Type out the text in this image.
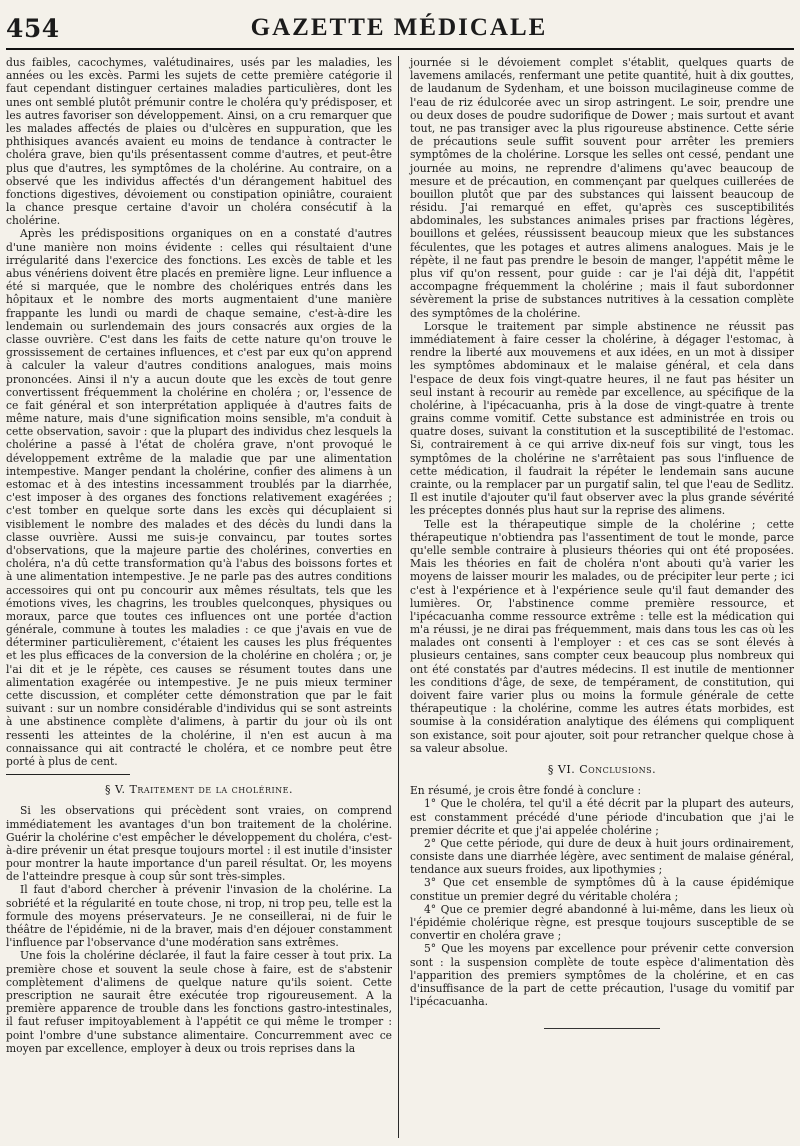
454	GAZETTE MÉDICALE

dus faibles, cacochymes, valétudinaires, usés par les maladies, les années ou les excès. Parmi les sujets de cette première catégorie il faut cependant distinguer certaines maladies particulières, dont les unes ont semblé plutôt prémunir contre le choléra qu'y prédisposer, et les autres favoriser son développement. Ainsi, on a cru remarquer que les malades affectés de plaies ou d'ulcères en suppuration, que les phthisiques avancés avaient eu moins de tendance à contracter le choléra grave, bien qu'ils présentassent comme d'autres, et peut-être plus que d'autres, les symptômes de la cholérine. Au contraire, on a observé que les individus affectés d'un dérangement habituel des fonctions digestives, dévoiement ou constipation opiniâtre, couraient la chance presque certaine d'avoir un choléra consécutif à la cholérine.

Après les prédispositions organiques on en a constaté d'autres d'une manière non moins évidente : celles qui résultaient d'une irrégularité dans l'exercice des fonctions. Les excès de table et les abus vénériens doivent être placés en première ligne. Leur influence a été si marquée, que le nombre des cholériques entrés dans les hôpitaux et le nombre des morts augmentaient d'une manière frappante les lundi ou mardi de chaque semaine, c'est-à-dire les lendemain ou surlendemain des jours consacrés aux orgies de la classe ouvrière. C'est dans les faits de cette nature qu'on trouve le grossissement de certaines influences, et c'est par eux qu'on apprend à calculer la valeur d'autres conditions analogues, mais moins prononcées. Ainsi il n'y a aucun doute que les excès de tout genre convertissent fréquemment la cholérine en choléra ; or, l'essence de ce fait général et son interprétation appliquée à d'autres faits de même nature, mais d'une signification moins sensible, m'a conduit à cette observation, savoir : que la plupart des individus chez lesquels la cholérine a passé à l'état de choléra grave, n'ont provoqué le développement extrême de la maladie que par une alimentation intempestive. Manger pendant la cholérine, confier des alimens à un estomac et à des intestins incessamment troublés par la diarrhée, c'est imposer à des organes des fonctions relativement exagérées ; c'est tomber en quelque sorte dans les excès qui décuplaient si visiblement le nombre des malades et des décès du lundi dans la classe ouvrière. Aussi me suis-je convaincu, par toutes sortes d'observations, que la majeure partie des cholérines, converties en choléra, n'a dû cette transformation qu'à l'abus des boissons fortes et à une alimentation intempestive. Je ne parle pas des autres conditions accessoires qui ont pu concourir aux mêmes résultats, tels que les émotions vives, les chagrins, les troubles quelconques, physiques ou moraux, parce que toutes ces influences ont une portée d'action générale, commune à toutes les maladies : ce que j'avais en vue de déterminer particulièrement, c'étaient les causes les plus fréquentes et les plus efficaces de la conversion de la cholérine en choléra ; or, je l'ai dit et je le répète, ces causes se résument toutes dans une alimentation exagérée ou intempestive. Je ne puis mieux terminer cette discussion, et compléter cette démonstration que par le fait suivant : sur un nombre considérable d'individus qui se sont astreints à une abstinence complète d'alimens, à partir du jour où ils ont ressenti les atteintes de la cholérine, il n'en est aucun à ma connaissance qui ait contracté le choléra, et ce nombre peut être porté à plus de cent.

§ V. Traitement de la cholérine.

Si les observations qui précèdent sont vraies, on comprend immédiatement les avantages d'un bon traitement de la cholérine. Guérir la cholérine c'est empêcher le développement du choléra, c'est-à-dire prévenir un état presque toujours mortel : il est inutile d'insister pour montrer la haute importance d'un pareil résultat. Or, les moyens de l'atteindre presque à coup sûr sont très-simples.

Il faut d'abord chercher à prévenir l'invasion de la cholérine. La sobriété et la régularité en toute chose, ni trop, ni trop peu, telle est la formule des moyens préservateurs. Je ne conseillerai, ni de fuir le théâtre de l'épidémie, ni de la braver, mais d'en déjouer constamment l'influence par l'observance d'une modération sans extrêmes.

Une fois la cholérine déclarée, il faut la faire cesser à tout prix. La première chose et souvent la seule chose à faire, est de s'abstenir complètement d'alimens de quelque nature qu'ils soient. Cette prescription ne saurait être exécutée trop rigoureusement. A la première apparence de trouble dans les fonctions gastro-intestinales, il faut refuser impitoyablement à l'appétit ce qui même le tromper : point l'ombre d'une substance alimentaire. Concurremment avec ce moyen par excellence, employer à deux ou trois reprises dans la

journée si le dévoiement complet s'établit, quelques quarts de lavemens amilacés, renfermant une petite quantité, huit à dix gouttes, de laudanum de Sydenham, et une boisson mucilagineuse comme de l'eau de riz édulcorée avec un sirop astringent. Le soir, prendre une ou deux doses de poudre sudorifique de Dower ; mais surtout et avant tout, ne pas transiger avec la plus rigoureuse abstinence. Cette série de précautions seule suffit souvent pour arrêter les premiers symptômes de la cholérine. Lorsque les selles ont cessé, pendant une journée au moins, ne reprendre d'alimens qu'avec beaucoup de mesure et de précaution, en commençant par quelques cuillerées de bouillon plutôt que par des substances qui laissent beaucoup de résidu. J'ai remarqué en effet, qu'après ces susceptibilités abdominales, les substances animales prises par fractions légères, bouillons et gelées, réussissent beaucoup mieux que les substances féculentes, que les potages et autres alimens analogues. Mais je le répète, il ne faut pas prendre le besoin de manger, l'appétit même le plus vif qu'on ressent, pour guide : car je l'ai déjà dit, l'appétit accompagne fréquemment la cholérine ; mais il faut subordonner sévèrement la prise de substances nutritives à la cessation complète des symptômes de la cholérine.

Lorsque le traitement par simple abstinence ne réussit pas immédiatement à faire cesser la cholérine, à dégager l'estomac, à rendre la liberté aux mouvemens et aux idées, en un mot à dissiper les symptômes abdominaux et le malaise général, et cela dans l'espace de deux fois vingt-quatre heures, il ne faut pas hésiter un seul instant à recourir au remède par excellence, au spécifique de la cholérine, à l'ipécacuanha, pris à la dose de vingt-quatre à trente grains comme vomitif. Cette substance est administrée en trois ou quatre doses, suivant la constitution et la susceptibilité de l'estomac. Si, contrairement à ce qui arrive dix-neuf fois sur vingt, tous les symptômes de la cholérine ne s'arrêtaient pas sous l'influence de cette médication, il faudrait la répéter le lendemain sans aucune crainte, ou la remplacer par un purgatif salin, tel que l'eau de Sedlitz. Il est inutile d'ajouter qu'il faut observer avec la plus grande sévérité les préceptes donnés plus haut sur la reprise des alimens.

Telle est la thérapeutique simple de la cholérine ; cette thérapeutique n'obtiendra pas l'assentiment de tout le monde, parce qu'elle semble contraire à plusieurs théories qui ont été proposées. Mais les théories en fait de choléra n'ont abouti qu'à varier les moyens de laisser mourir les malades, ou de précipiter leur perte ; ici c'est à l'expérience et à l'expérience seule qu'il faut demander des lumières. Or, l'abstinence comme première ressource, et l'ipécacuanha comme ressource extrême : telle est la médication qui m'a réussi, je ne dirai pas fréquemment, mais dans tous les cas où les malades ont consenti à l'employer : et ces cas se sont élevés à plusieurs centaines, sans compter ceux beaucoup plus nombreux qui ont été constatés par d'autres médecins. Il est inutile de mentionner les conditions d'âge, de sexe, de tempérament, de constitution, qui doivent faire varier plus ou moins la formule générale de cette thérapeutique : la cholérine, comme les autres états morbides, est soumise à la considération analytique des élémens qui compliquent son existance, soit pour ajouter, soit pour retrancher quelque chose à sa valeur absolue.

§ VI. Conclusions.

En résumé, je crois être fondé à conclure :

1° Que le choléra, tel qu'il a été décrit par la plupart des auteurs, est constamment précédé d'une période d'incubation que j'ai le premier décrite et que j'ai appelée cholérine ;

2° Que cette période, qui dure de deux à huit jours ordinairement, consiste dans une diarrhée légère, avec sentiment de malaise général, tendance aux sueurs froides, aux lipothymies ;

3° Que cet ensemble de symptômes dû à la cause épidémique constitue un premier degré du véritable choléra ;

4° Que ce premier degré abandonné à lui-même, dans les lieux où l'épidémie cholérique règne, est presque toujours susceptible de se convertir en choléra grave ;

5° Que les moyens par excellence pour prévenir cette conversion sont : la suspension complète de toute espèce d'alimentation dès l'apparition des premiers symptômes de la cholérine, et en cas d'insuffisance de la part de cette précaution, l'usage du vomitif par l'ipécacuanha.
